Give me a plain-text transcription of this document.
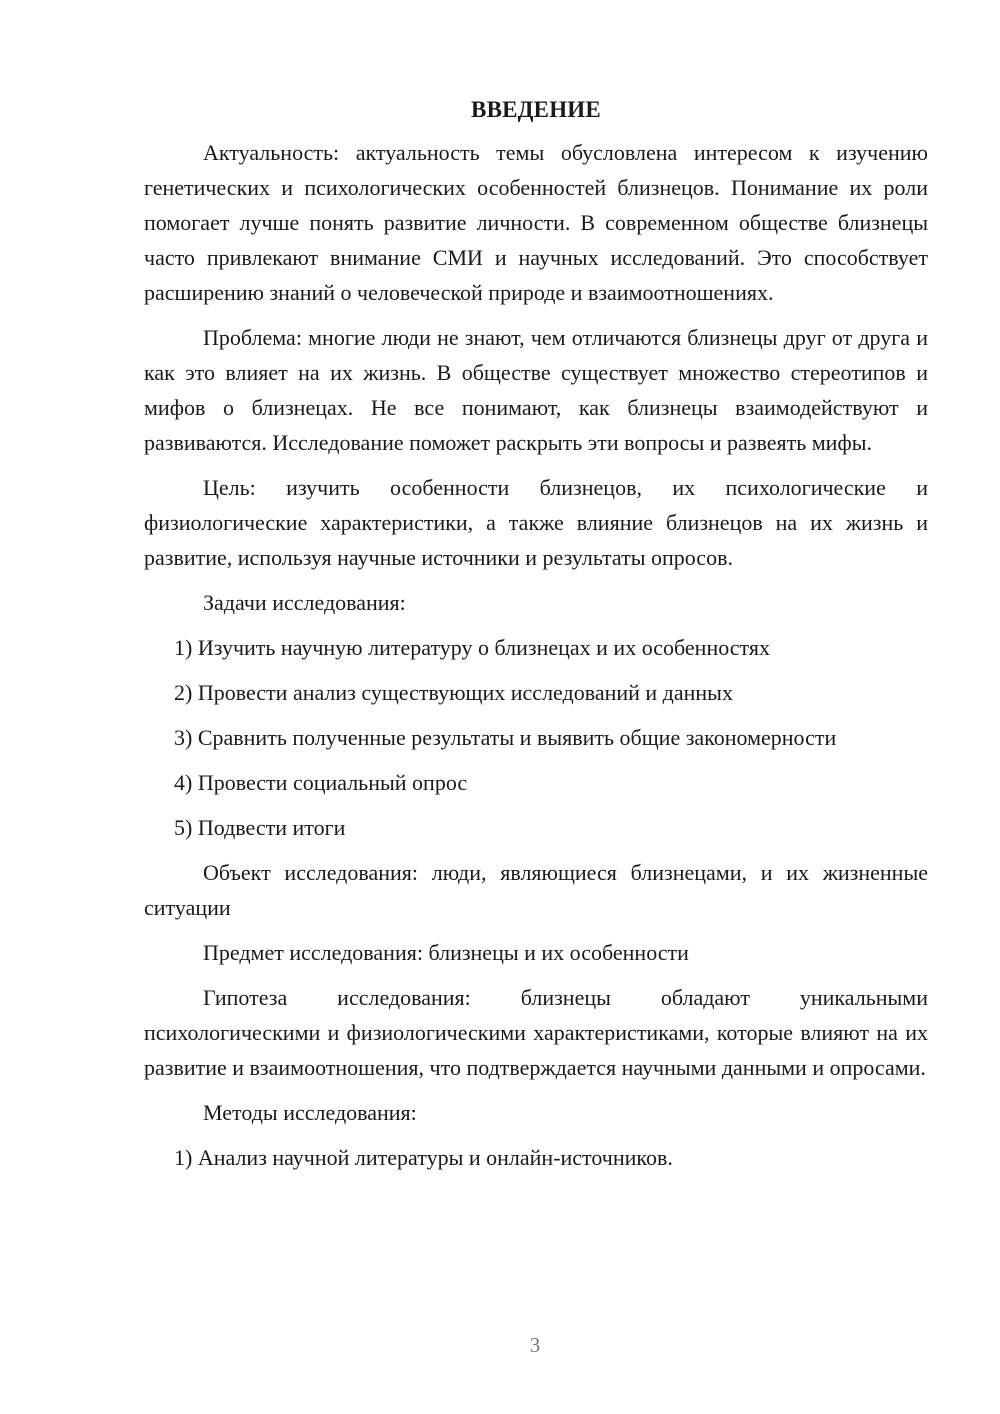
ВВЕДЕНИЕ

Актуальность: актуальность темы обусловлена интересом к изучению генетических и психологических особенностей близнецов. Понимание их роли помогает лучше понять развитие личности. В современном обществе близнецы часто привлекают внимание СМИ и научных исследований. Это способствует расширению знаний о человеческой природе и взаимоотношениях.

Проблема: многие люди не знают, чем отличаются близнецы друг от друга и как это влияет на их жизнь. В обществе существует множество стереотипов и мифов о близнецах. Не все понимают, как близнецы взаимодействуют и развиваются. Исследование поможет раскрыть эти вопросы и развеять мифы.

Цель: изучить особенности близнецов, их психологические и физиологические характеристики, а также влияние близнецов на их жизнь и развитие, используя научные источники и результаты опросов.

Задачи исследования:

1) Изучить научную литературу о близнецах и их особенностях
2) Провести анализ существующих исследований и данных
3) Сравнить полученные результаты и выявить общие закономерности
4) Провести социальный опрос
5) Подвести итоги

Объект исследования: люди, являющиеся близнецами, и их жизненные ситуации

Предмет исследования: близнецы и их особенности

Гипотеза исследования: близнецы обладают уникальными психологическими и физиологическими характеристиками, которые влияют на их развитие и взаимоотношения, что подтверждается научными данными и опросами.

Методы исследования:

1) Анализ научной литературы и онлайн-источников.
3
